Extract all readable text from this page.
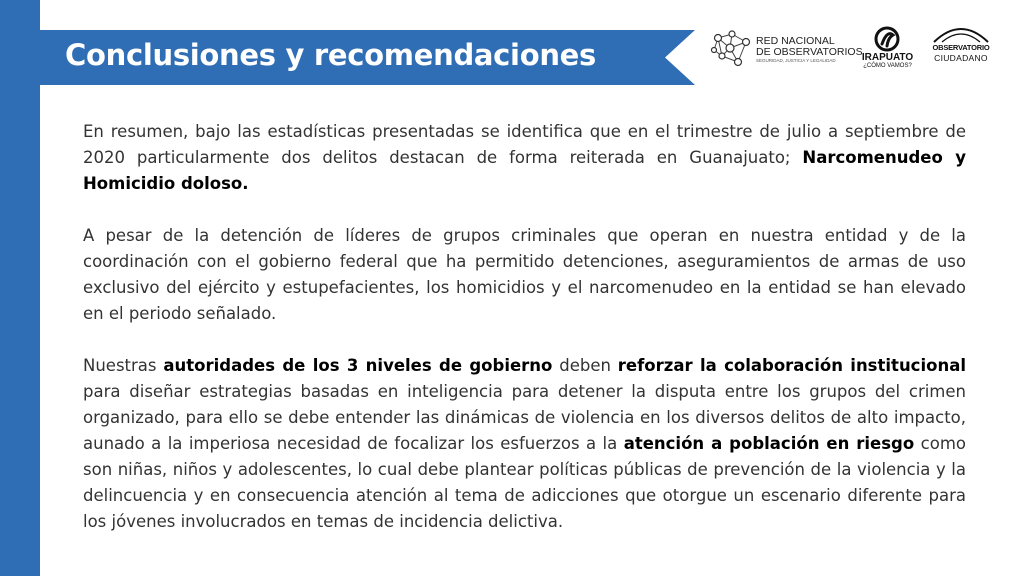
Conclusiones y recomendaciones	RED NACIONAL
DE OBSERVATORIOS
SEGURIDAD, JUSTICIA Y LEGALIDAD	IRAPUATO
¿CÓMO VAMOS?
OBSERVATORIO
CIUDADANO

En resumen, bajo las estadísticas presentadas se identifica que en el trimestre de julio a septiembre de 2020 particularmente dos delitos destacan de forma reiterada en Guanajuato; Narcomenudeo y Homicidio doloso.

A pesar de la detención de líderes de grupos criminales que operan en nuestra entidad y de la coordinación con el gobierno federal que ha permitido detenciones, aseguramientos de armas de uso exclusivo del ejército y estupefacientes, los homicidios y el narcomenudeo en la entidad se han elevado en el periodo señalado.

Nuestras autoridades de los 3 niveles de gobierno deben reforzar la colaboración institucional para diseñar estrategias basadas en inteligencia para detener la disputa entre los grupos del crimen organizado, para ello se debe entender las dinámicas de violencia en los diversos delitos de alto impacto, aunado a la imperiosa necesidad de focalizar los esfuerzos a la atención a población en riesgo como son niñas, niños y adolescentes, lo cual debe plantear políticas públicas de prevención de la violencia y la delincuencia y en consecuencia atención al tema de adicciones que otorgue un escenario diferente para los jóvenes involucrados en temas de incidencia delictiva.
